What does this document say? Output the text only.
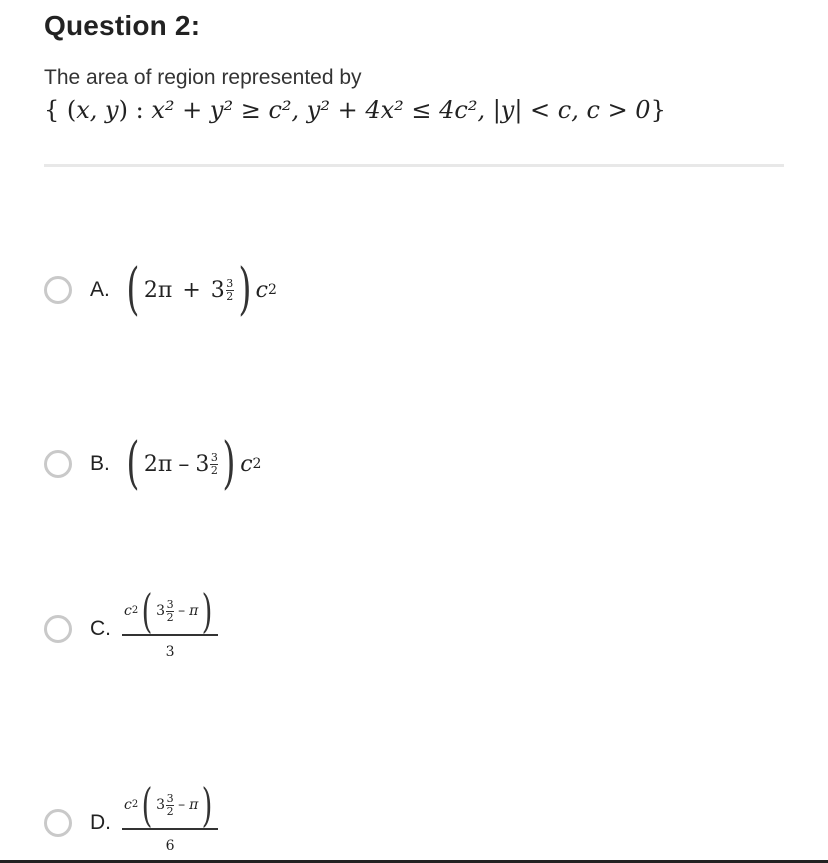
Question 2:
The area of region represented by
{ (x, y) : x² + y² ≥ c², y² + 4x² ≤ 4c², |y| < c, c > 0}
A. ( $2\pi + 3 \frac{3}{2}$ ) c 2
B. ( $2\pi - 3 \frac{3}{2}$ ) c 2
C.
c 2 ( $3 \frac{3}{2}$ – π )
3
D.
c 2 ( $3 \frac{3}{2}$ – π )
6
